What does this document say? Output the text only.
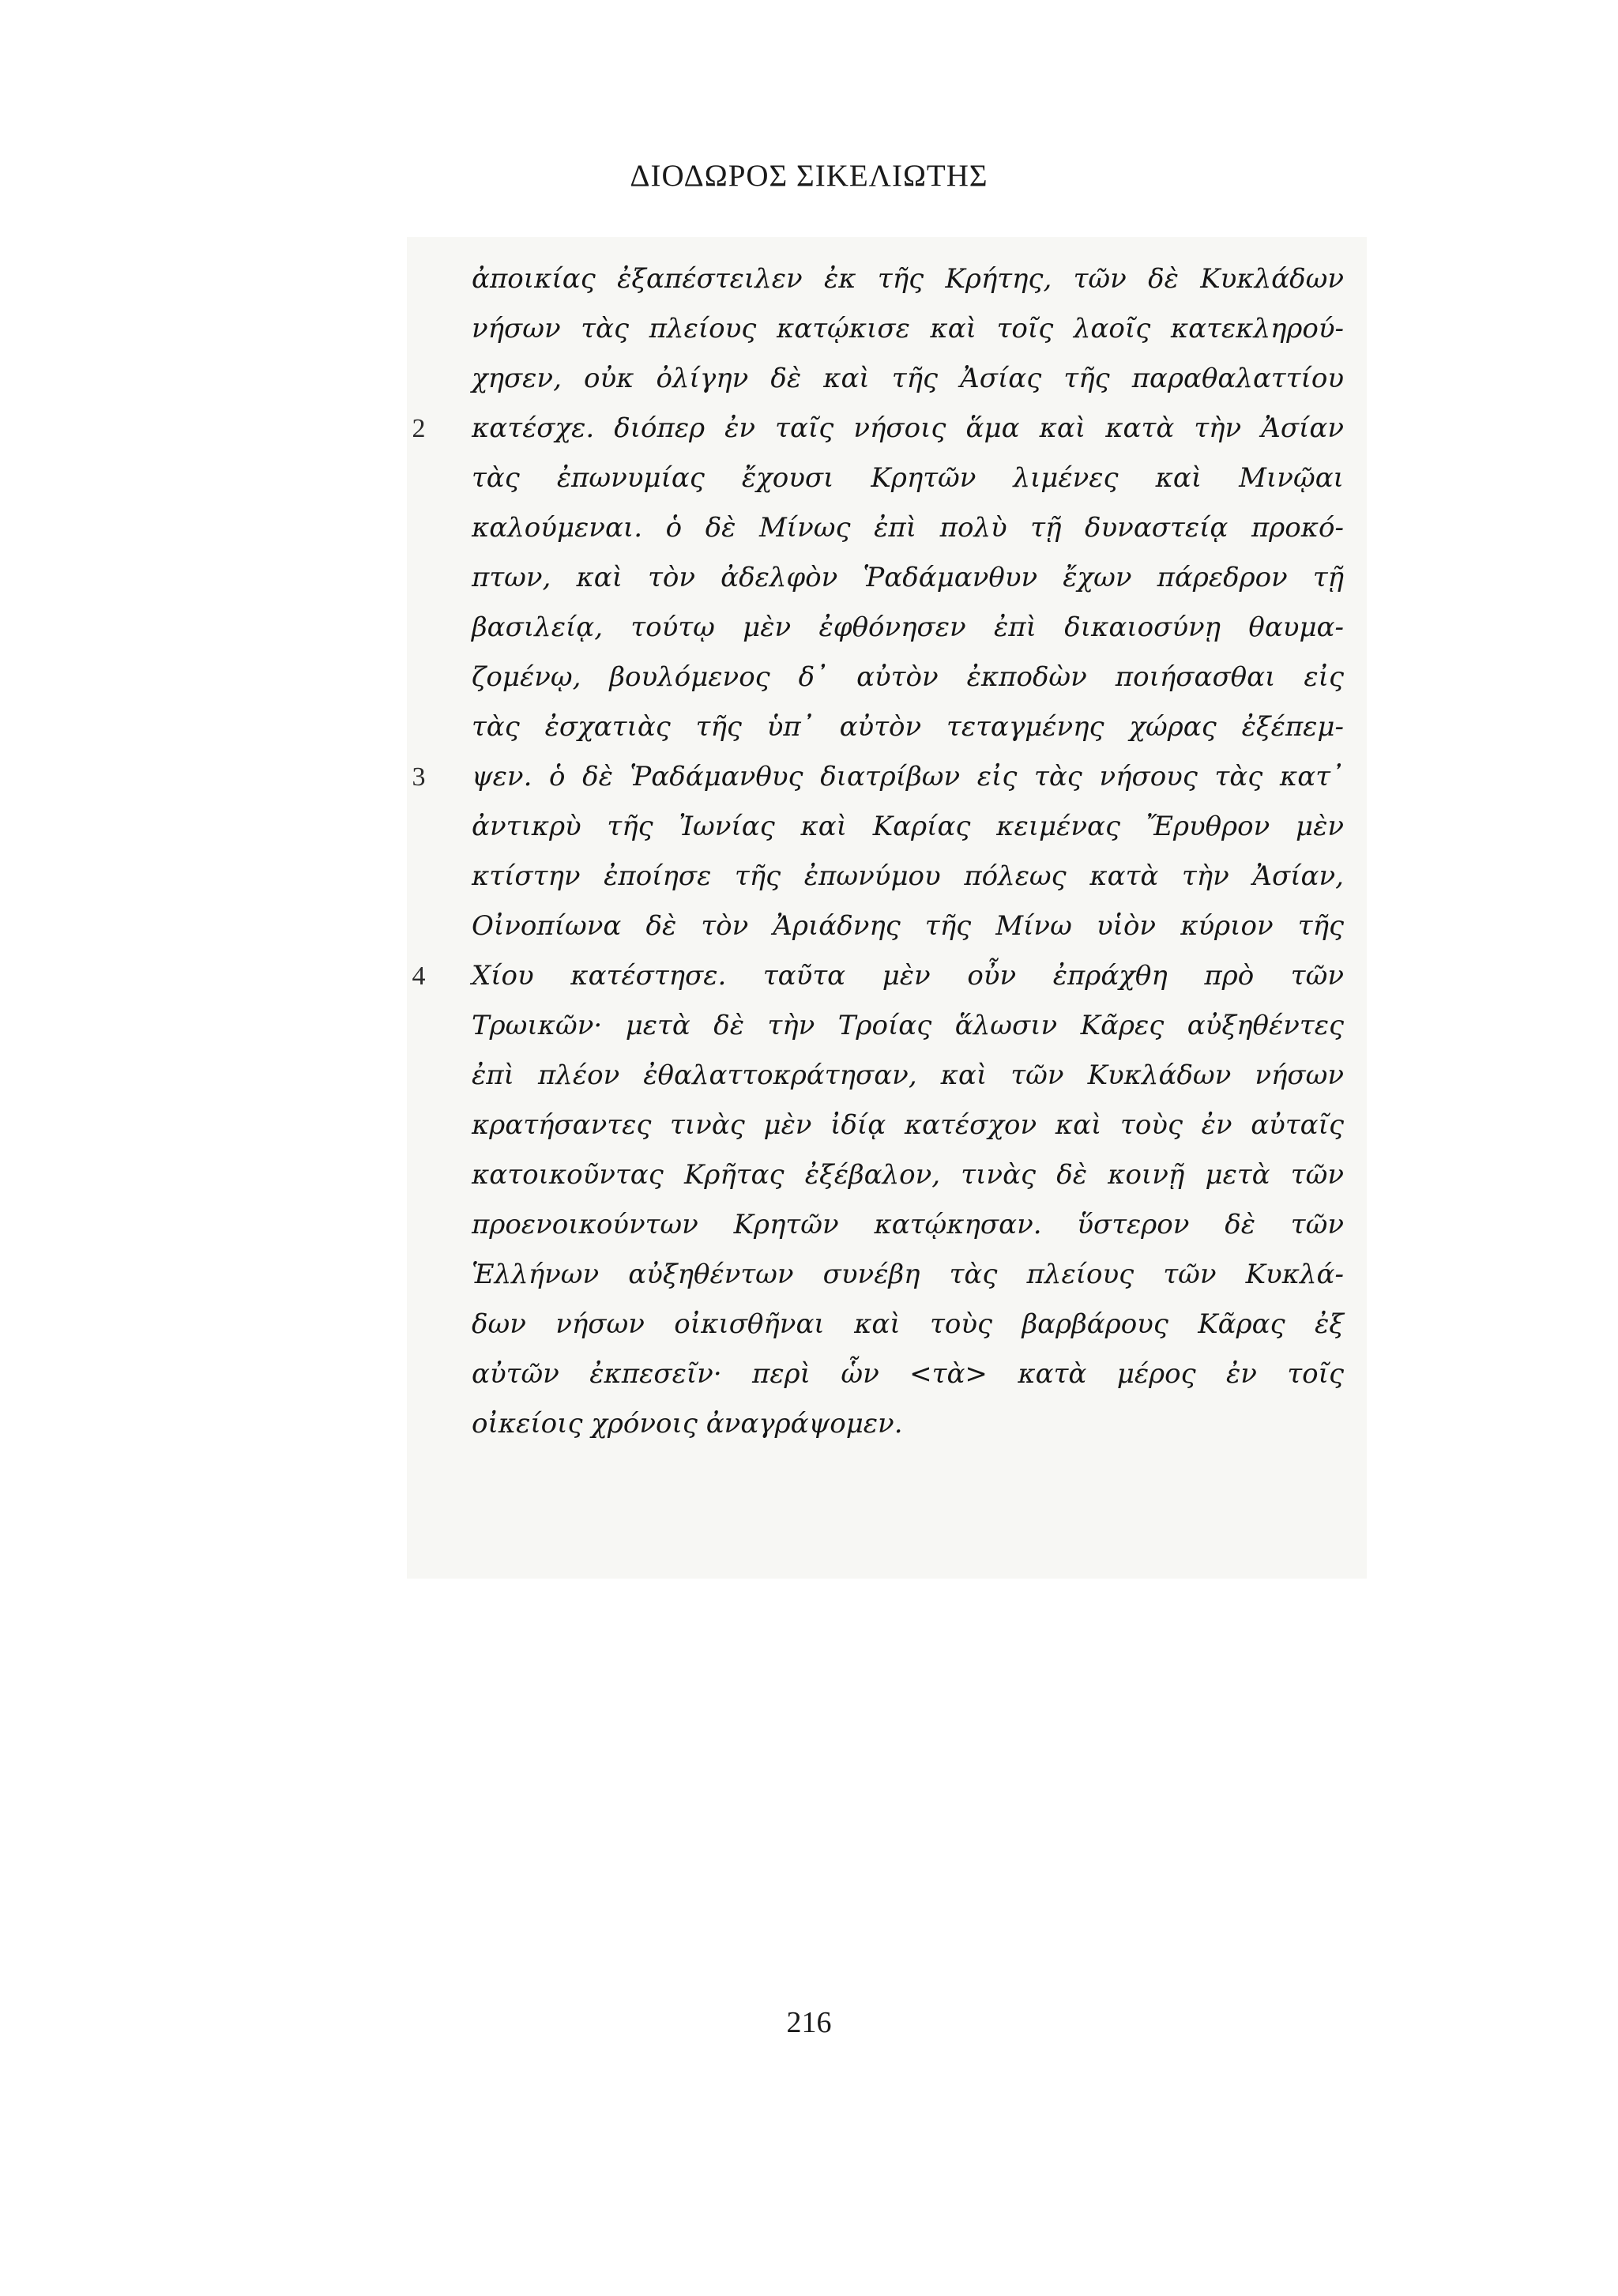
ΔΙΟΔΩΡΟΣ ΣΙΚΕΛΙΩΤΗΣ
ἀποικίας ἐξαπέστειλεν ἐκ τῆς Κρήτης, τῶν δὲ Κυκλάδων
νήσων τὰς πλείους κατῴκισε καὶ τοῖς λαοῖς κατεκληρού-
χησεν, οὐκ ὀλίγην δὲ καὶ τῆς Ἀσίας τῆς παραθαλαττίου
2 κατέσχε. διόπερ ἐν ταῖς νήσοις ἅμα καὶ κατὰ τὴν Ἀσίαν
τὰς ἐπωνυμίας ἔχουσι Κρητῶν λιμένες καὶ Μινῷαι
καλούμεναι. ὁ δὲ Μίνως ἐπὶ πολὺ τῇ δυναστείᾳ προκό-
πτων, καὶ τὸν ἀδελφὸν Ῥαδάμανθυν ἔχων πάρεδρον τῇ
βασιλείᾳ, τούτῳ μὲν ἐφθόνησεν ἐπὶ δικαιοσύνῃ θαυμα-
ζομένῳ, βουλόμενος δ᾽ αὐτὸν ἐκποδὼν ποιήσασθαι εἰς
τὰς ἐσχατιὰς τῆς ὑπ᾽ αὐτὸν τεταγμένης χώρας ἐξέπεμ-
3 ψεν. ὁ δὲ Ῥαδάμανθυς διατρίβων εἰς τὰς νήσους τὰς κατ᾽
ἀντικρὺ τῆς Ἰωνίας καὶ Καρίας κειμένας Ἔρυθρον μὲν
κτίστην ἐποίησε τῆς ἐπωνύμου πόλεως κατὰ τὴν Ἀσίαν,
Οἰνοπίωνα δὲ τὸν Ἀριάδνης τῆς Μίνω υἱὸν κύριον τῆς
4 Χίου κατέστησε. ταῦτα μὲν οὖν ἐπράχθη πρὸ τῶν
Τρωικῶν· μετὰ δὲ τὴν Τροίας ἅλωσιν Κᾶρες αὐξηθέντες
ἐπὶ πλέον ἐθαλαττοκράτησαν, καὶ τῶν Κυκλάδων νήσων
κρατήσαντες τινὰς μὲν ἰδίᾳ κατέσχον καὶ τοὺς ἐν αὐταῖς
κατοικοῦντας Κρῆτας ἐξέβαλον, τινὰς δὲ κοινῇ μετὰ τῶν
προενοικούντων Κρητῶν κατῴκησαν. ὕστερον δὲ τῶν
Ἑλλήνων αὐξηθέντων συνέβη τὰς πλείους τῶν Κυκλά-
δων νήσων οἰκισθῆναι καὶ τοὺς βαρβάρους Κᾶρας ἐξ
αὐτῶν ἐκπεσεῖν· περὶ ὧν <τὰ> κατὰ μέρος ἐν τοῖς
οἰκείοις χρόνοις ἀναγράψομεν.
216
